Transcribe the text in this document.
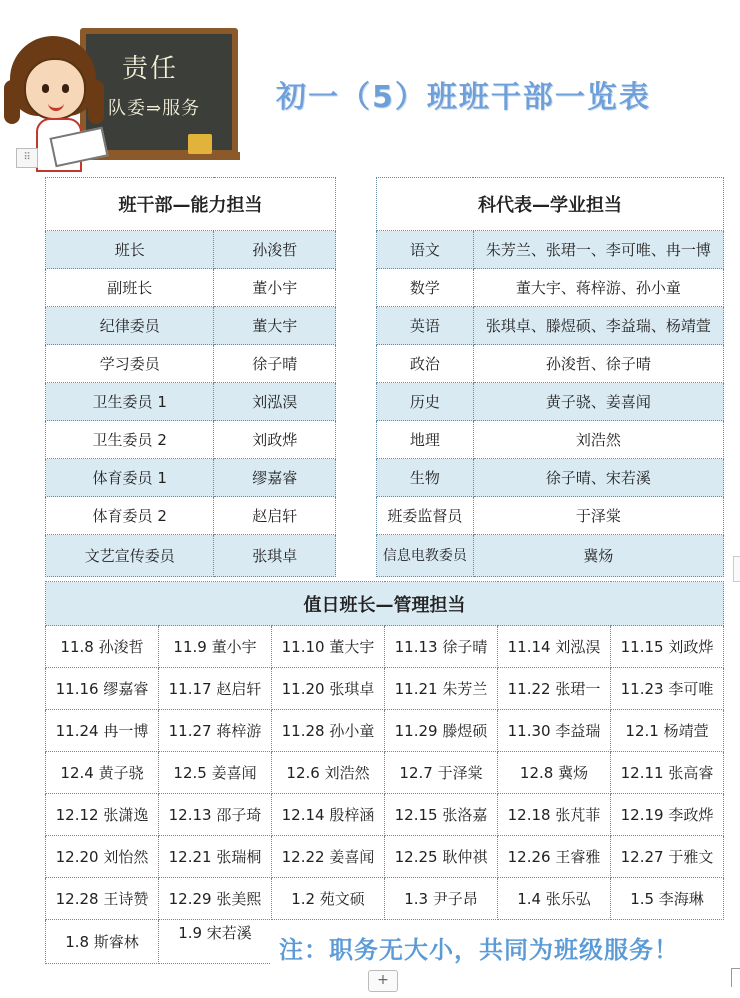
责任
队委⇒服务
⠿
初一（5）班班干部一览表
班干部—能力担当	
班长	孙浚哲
副班长	董小宇
纪律委员	董大宇
学习委员	徐子晴
卫生委员 1	刘泓淏
卫生委员 2	刘政烨
体育委员 1	缪嘉睿
体育委员 2	赵启轩
文艺宣传委员	张琪卓
科代表—学业担当	
语文	朱芳兰、张珺一、李可唯、冉一博
数学	董大宇、蒋梓游、孙小童
英语	张琪卓、滕煜硕、李益瑞、杨靖萱
政治	孙浚哲、徐子晴
历史	黄子骁、姜喜闻
地理	刘浩然
生物	徐子晴、宋若溪
班委监督员	于泽棠
信息电教委员	冀炀
值日班长—管理担当					
11.8 孙浚哲	11.9 董小宇	11.10 董大宇	11.13 徐子晴	11.14 刘泓淏	11.15 刘政烨
11.16 缪嘉睿	11.17 赵启轩	11.20 张琪卓	11.21 朱芳兰	11.22 张珺一	11.23 李可唯
11.24 冉一博	11.27 蒋梓游	11.28 孙小童	11.29 滕煜硕	11.30 李益瑞	12.1 杨靖萱
12.4 黄子骁	12.5 姜喜闻	12.6 刘浩然	12.7 于泽棠	12.8 冀炀	12.11 张高睿
12.12 张潇逸	12.13 邵子琦	12.14 殷梓涵	12.15 张洛嘉	12.18 张芃菲	12.19 李政烨
12.20 刘怡然	12.21 张瑞桐	12.22 姜喜闻	12.25 耿仲祺	12.26 王睿雅	12.27 于雅文
12.28 王诗赞	12.29 张美熙	1.2 苑文硕	1.3 尹子昂	1.4 张乐弘	1.5 李海琳
1.8 斯睿林	1.9 宋若溪				
注：职务无大小，共同为班级服务！
+
